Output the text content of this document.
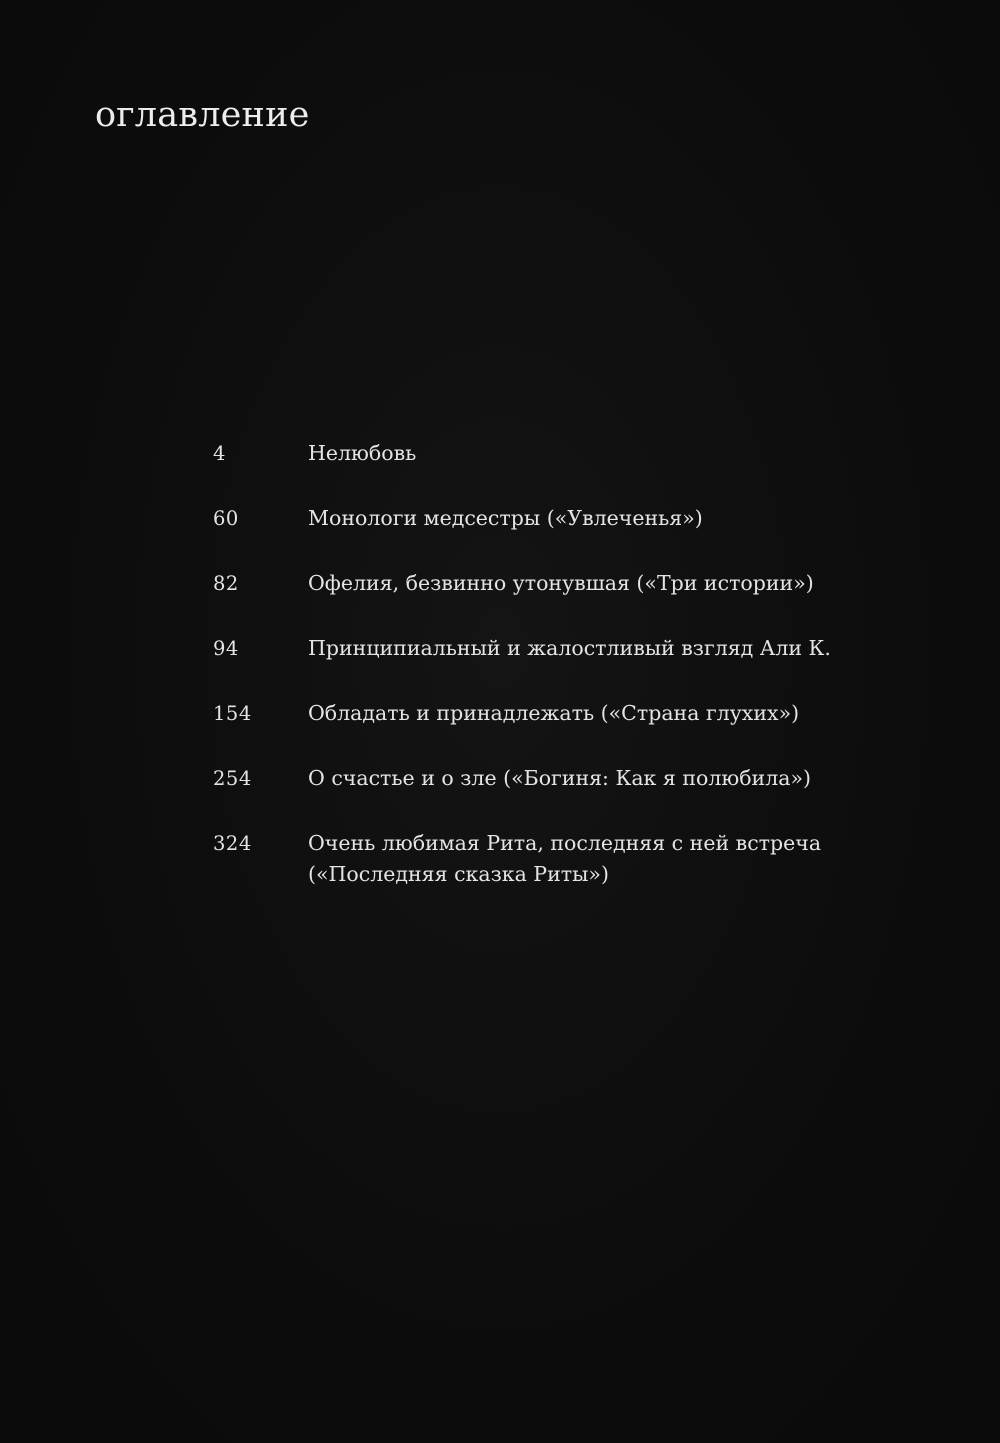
оглавление
4	Нелюбовь
60	Монологи медсестры («Увлеченья»)
82	Офелия, безвинно утонувшая («Три истории»)
94	Принципиальный и жалостливый взгляд Али К.
154	Обладать и принадлежать («Страна глухих»)
254	О счастье и о зле («Богиня: Как я полюбила»)
324	Очень любимая Рита, последняя с ней встреча
(«Последняя сказка Риты»)
